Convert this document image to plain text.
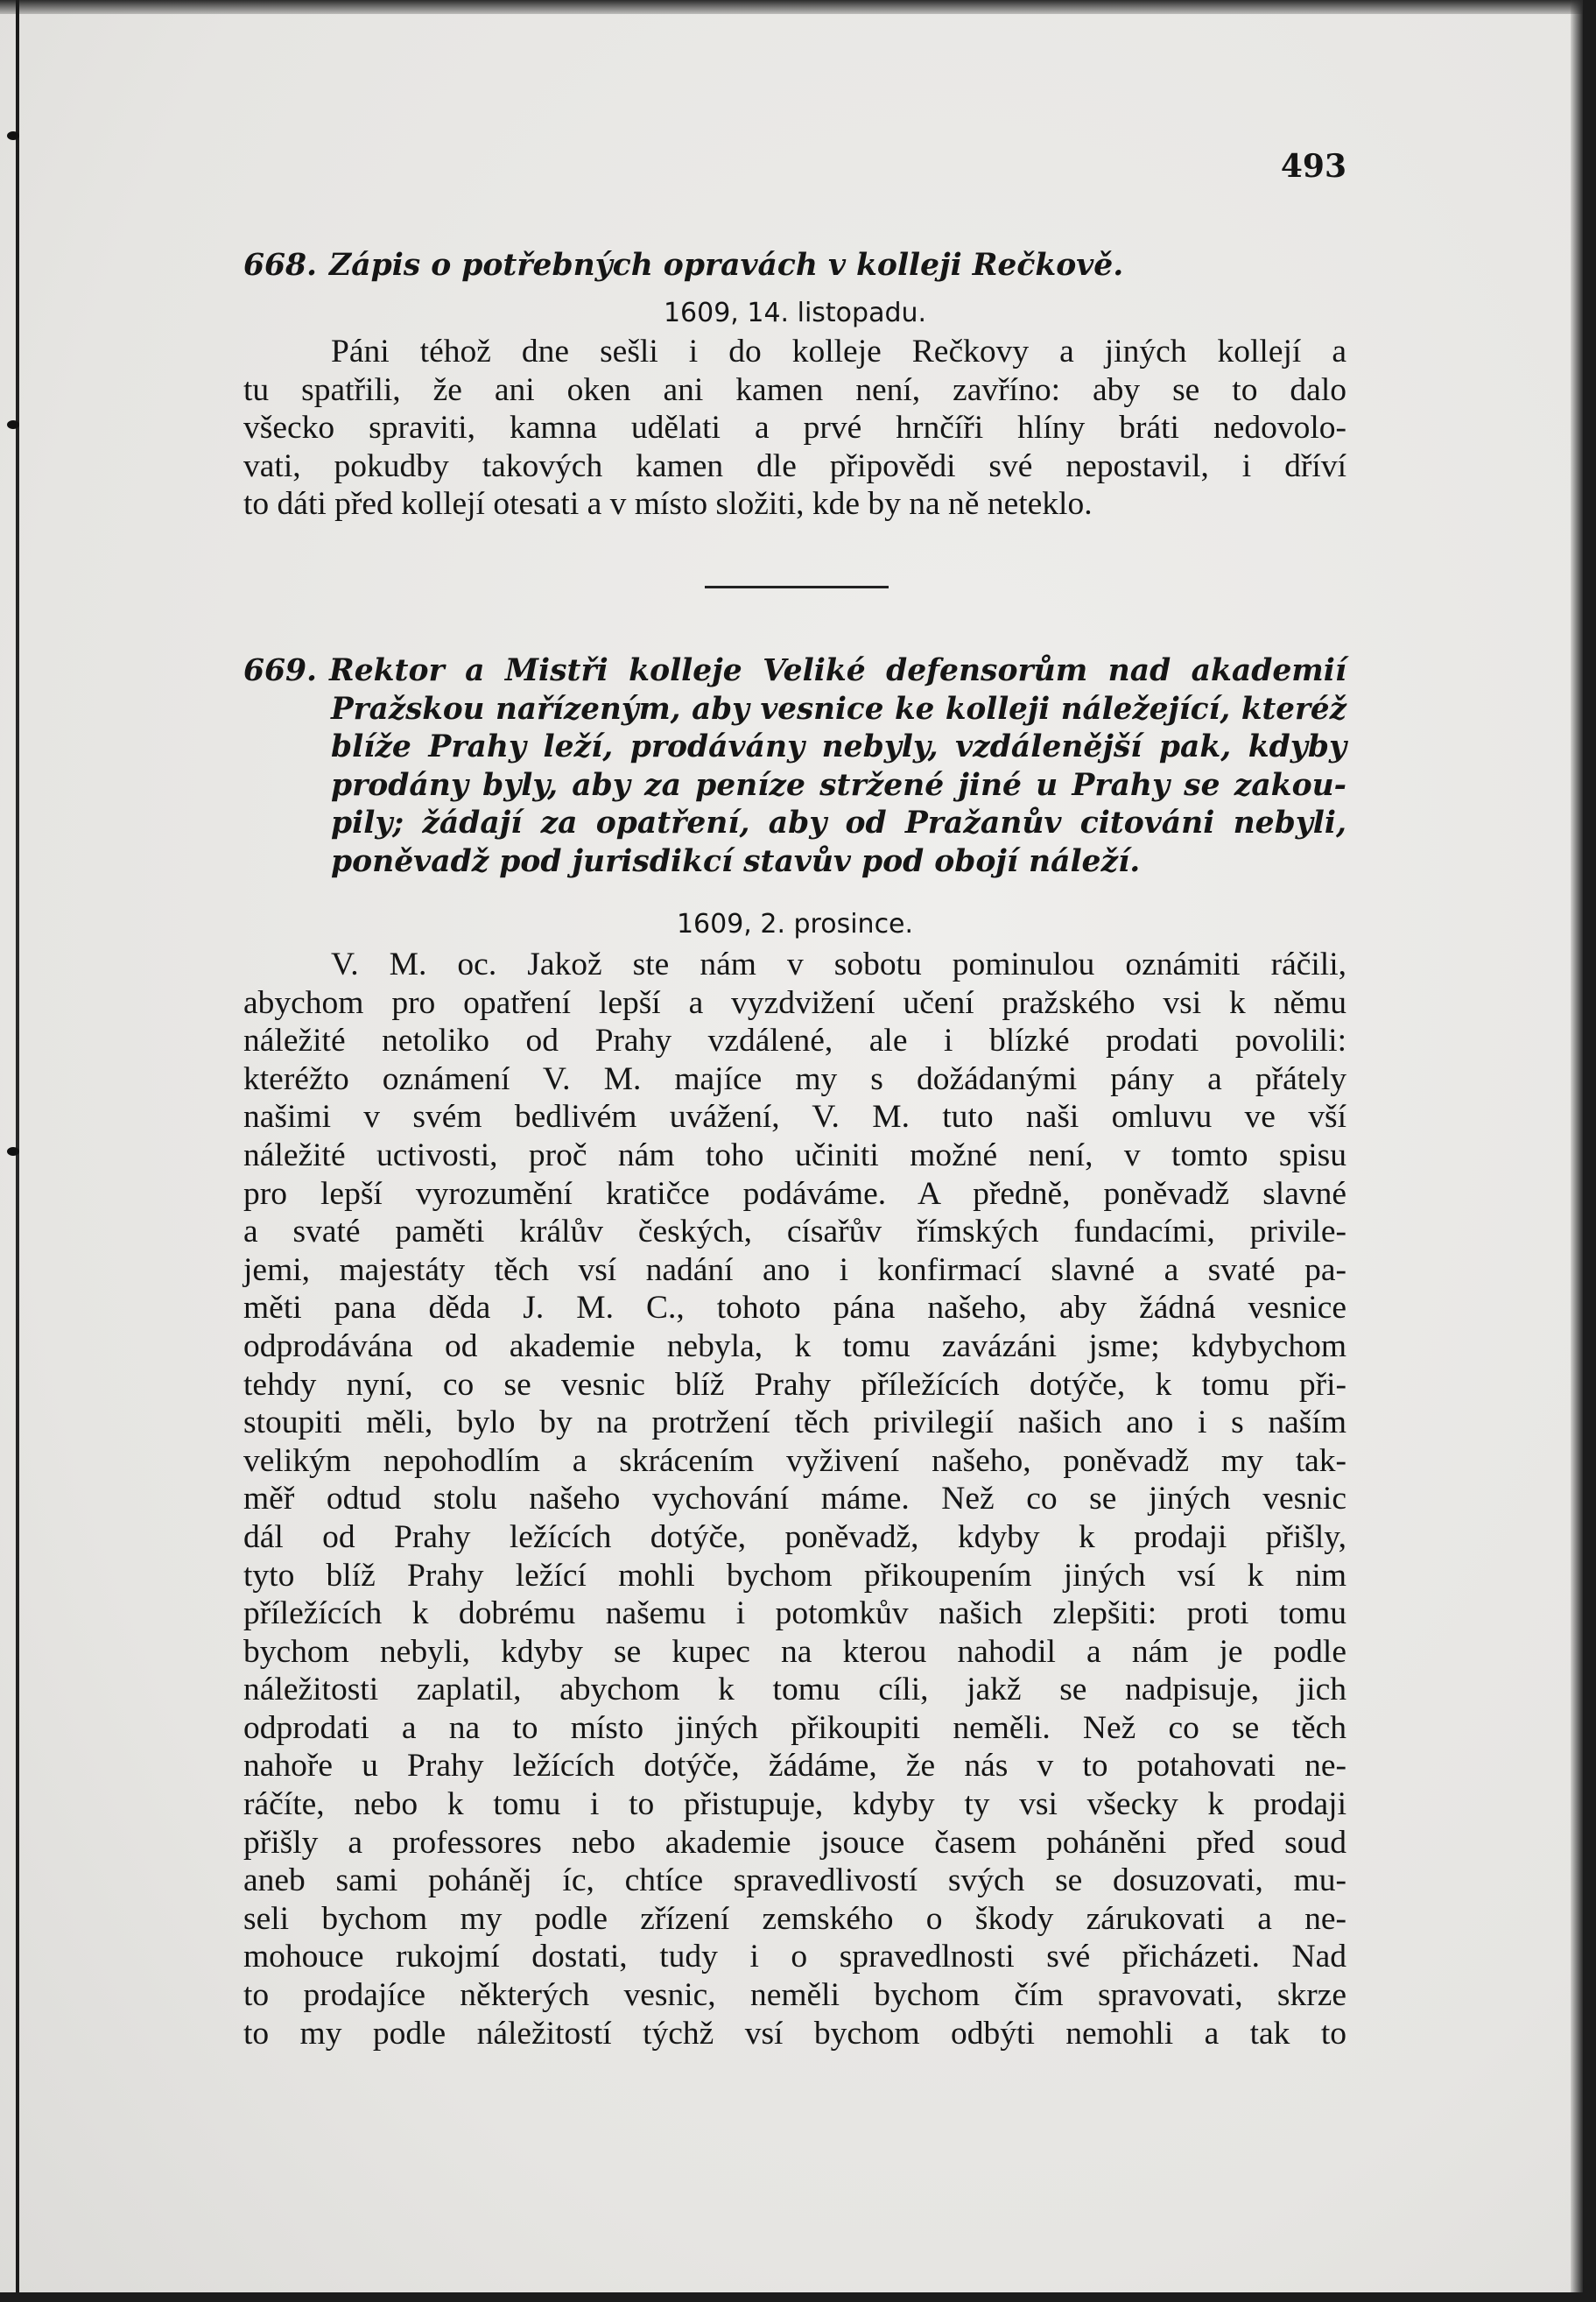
493
668. Zápis o potřebných opravách v kolleji Rečkově.
1609, 14. listopadu.
Páni téhož dne sešli i do kolleje Rečkovy a jiných kollejí a
tu spatřili, že ani oken ani kamen není, zavříno: aby se to dalo
všecko spraviti, kamna udělati a prvé hrnčíři hlíny bráti nedovolo-
vati, pokudby takových kamen dle připovědi své nepostavil, i dříví
to dáti před kollejí otesati a v místo složiti, kde by na ně neteklo.
669. Rektor a Mistři kolleje Veliké defensorům nad akademií
Pražskou nařízeným, aby vesnice ke kolleji náležející, kteréž
blíže Prahy leží, prodávány nebyly, vzdálenější pak, kdyby
prodány byly, aby za peníze stržené jiné u Prahy se zakou-
pily; žádají za opatření, aby od Pražanův citováni nebyli,
poněvadž pod jurisdikcí stavův pod obojí náleží.
1609, 2. prosince.
V. M. oc. Jakož ste nám v sobotu pominulou oznámiti ráčili,
abychom pro opatření lepší a vyzdvižení učení pražského vsi k němu
náležité netoliko od Prahy vzdálené, ale i blízké prodati povolili:
kteréžto oznámení V. M. majíce my s dožádanými pány a přátely
našimi v svém bedlivém uvážení, V. M. tuto naši omluvu ve vší
náležité uctivosti, proč nám toho učiniti možné není, v tomto spisu
pro lepší vyrozumění kratičce podáváme. A předně, poněvadž slavné
a svaté paměti králův českých, císařův římských fundacími, privile-
jemi, majestáty těch vsí nadání ano i konfirmací slavné a svaté pa-
měti pana děda J. M. C., tohoto pána našeho, aby žádná vesnice
odprodávána od akademie nebyla, k tomu zavázáni jsme; kdybychom
tehdy nyní, co se vesnic blíž Prahy příležících dotýče, k tomu při-
stoupiti měli, bylo by na protržení těch privilegií našich ano i s naším
velikým nepohodlím a skrácením vyživení našeho, poněvadž my tak-
měř odtud stolu našeho vychování máme. Než co se jiných vesnic
dál od Prahy ležících dotýče, poněvadž, kdyby k prodaji přišly,
tyto blíž Prahy ležící mohli bychom přikoupením jiných vsí k nim
příležících k dobrému našemu i potomkův našich zlepšiti: proti tomu
bychom nebyli, kdyby se kupec na kterou nahodil a nám je podle
náležitosti zaplatil, abychom k tomu cíli, jakž se nadpisuje, jich
odprodati a na to místo jiných přikoupiti neměli. Než co se těch
nahoře u Prahy ležících dotýče, žádáme, že nás v to potahovati ne-
ráčíte, nebo k tomu i to přistupuje, kdyby ty vsi všecky k prodaji
přišly a professores nebo akademie jsouce časem poháněni před soud
aneb sami poháněj íc, chtíce spravedlivostí svých se dosuzovati, mu-
seli bychom my podle zřízení zemského o škody zárukovati a ne-
mohouce rukojmí dostati, tudy i o spravedlnosti své přicházeti. Nad
to prodajíce některých vesnic, neměli bychom čím spravovati, skrze
to my podle náležitostí týchž vsí bychom odbýti nemohli a tak to
